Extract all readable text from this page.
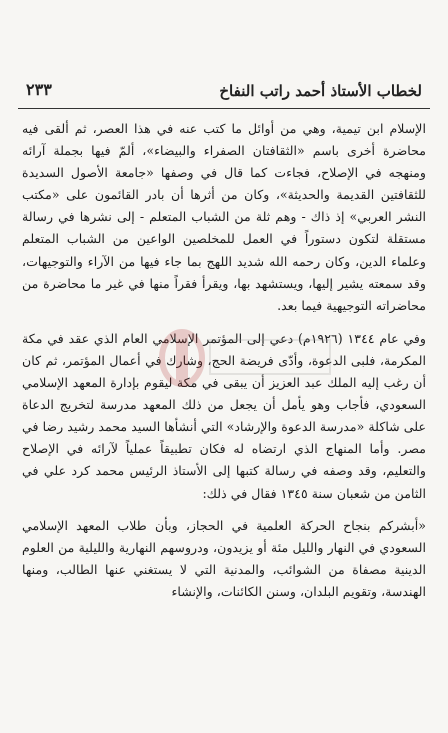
لخطاب الأستاذ أحمد راتب النفاخ
٢٣٣

الإسلام ابن تيمية، وهي من أوائل ما كتب عنه في هذا العصر، ثم ألقى فيه محاضرة أخرى باسم «الثقافتان الصفراء والبيضاء»، ألمّ فيها بجملة آرائه ومنهجه في الإصلاح، فجاءت كما قال في وصفها «جامعة الأصول السديدة للثقافتين القديمة والحديثة»، وكان من أثرها أن بادر القائمون على «مكتب النشر العربي» إذ ذاك - وهم ثلة من الشباب المتعلم - إلى نشرها في رسالة مستقلة لتكون دستوراً في العمل للمخلصين الواعين من الشباب المتعلم وعلماء الدين، وكان رحمه الله شديد اللهج بما جاء فيها من الآراء والتوجيهات، وقد سمعته يشير إليها، ويستشهد بها، ويقرأ فقراً منها في غير ما محاضرة من محاضراته التوجيهية فيما بعد.

وفي عام ١٣٤٤ (١٩٢٦م) دعي إلى المؤتمر الإسلامي العام الذي عقد في مكة المكرمة، فلبى الدعوة، وأدّى فريضة الحج، وشارك في أعمال المؤتمر، ثم كان أن رغب إليه الملك عبد العزيز أن يبقى في مكة ليقوم بإدارة المعهد الإسلامي السعودي، فأجاب وهو يأمل أن يجعل من ذلك المعهد مدرسة لتخريج الدعاة على شاكلة «مدرسة الدعوة والإرشاد» التي أنشأها السيد محمد رشيد رضا في مصر. وأما المنهاج الذي ارتضاه له فكان تطبيقاً عملياً لآرائه في الإصلاح والتعليم، وقد وصفه في رسالة كتبها إلى الأستاذ الرئيس محمد كرد علي في الثامن من شعبان سنة ١٣٤٥ فقال في ذلك:

«أبشركم بنجاح الحركة العلمية في الحجاز، وبأن طلاب المعهد الإسلامي السعودي في النهار والليل مئة أو يزيدون، ودروسهم النهارية والليلية من العلوم الدينية مصفاة من الشوائب، والمدنية التي لا يستغني عنها الطالب، ومنها الهندسة، وتقويم البلدان، وسنن الكائنات، والإنشاء
